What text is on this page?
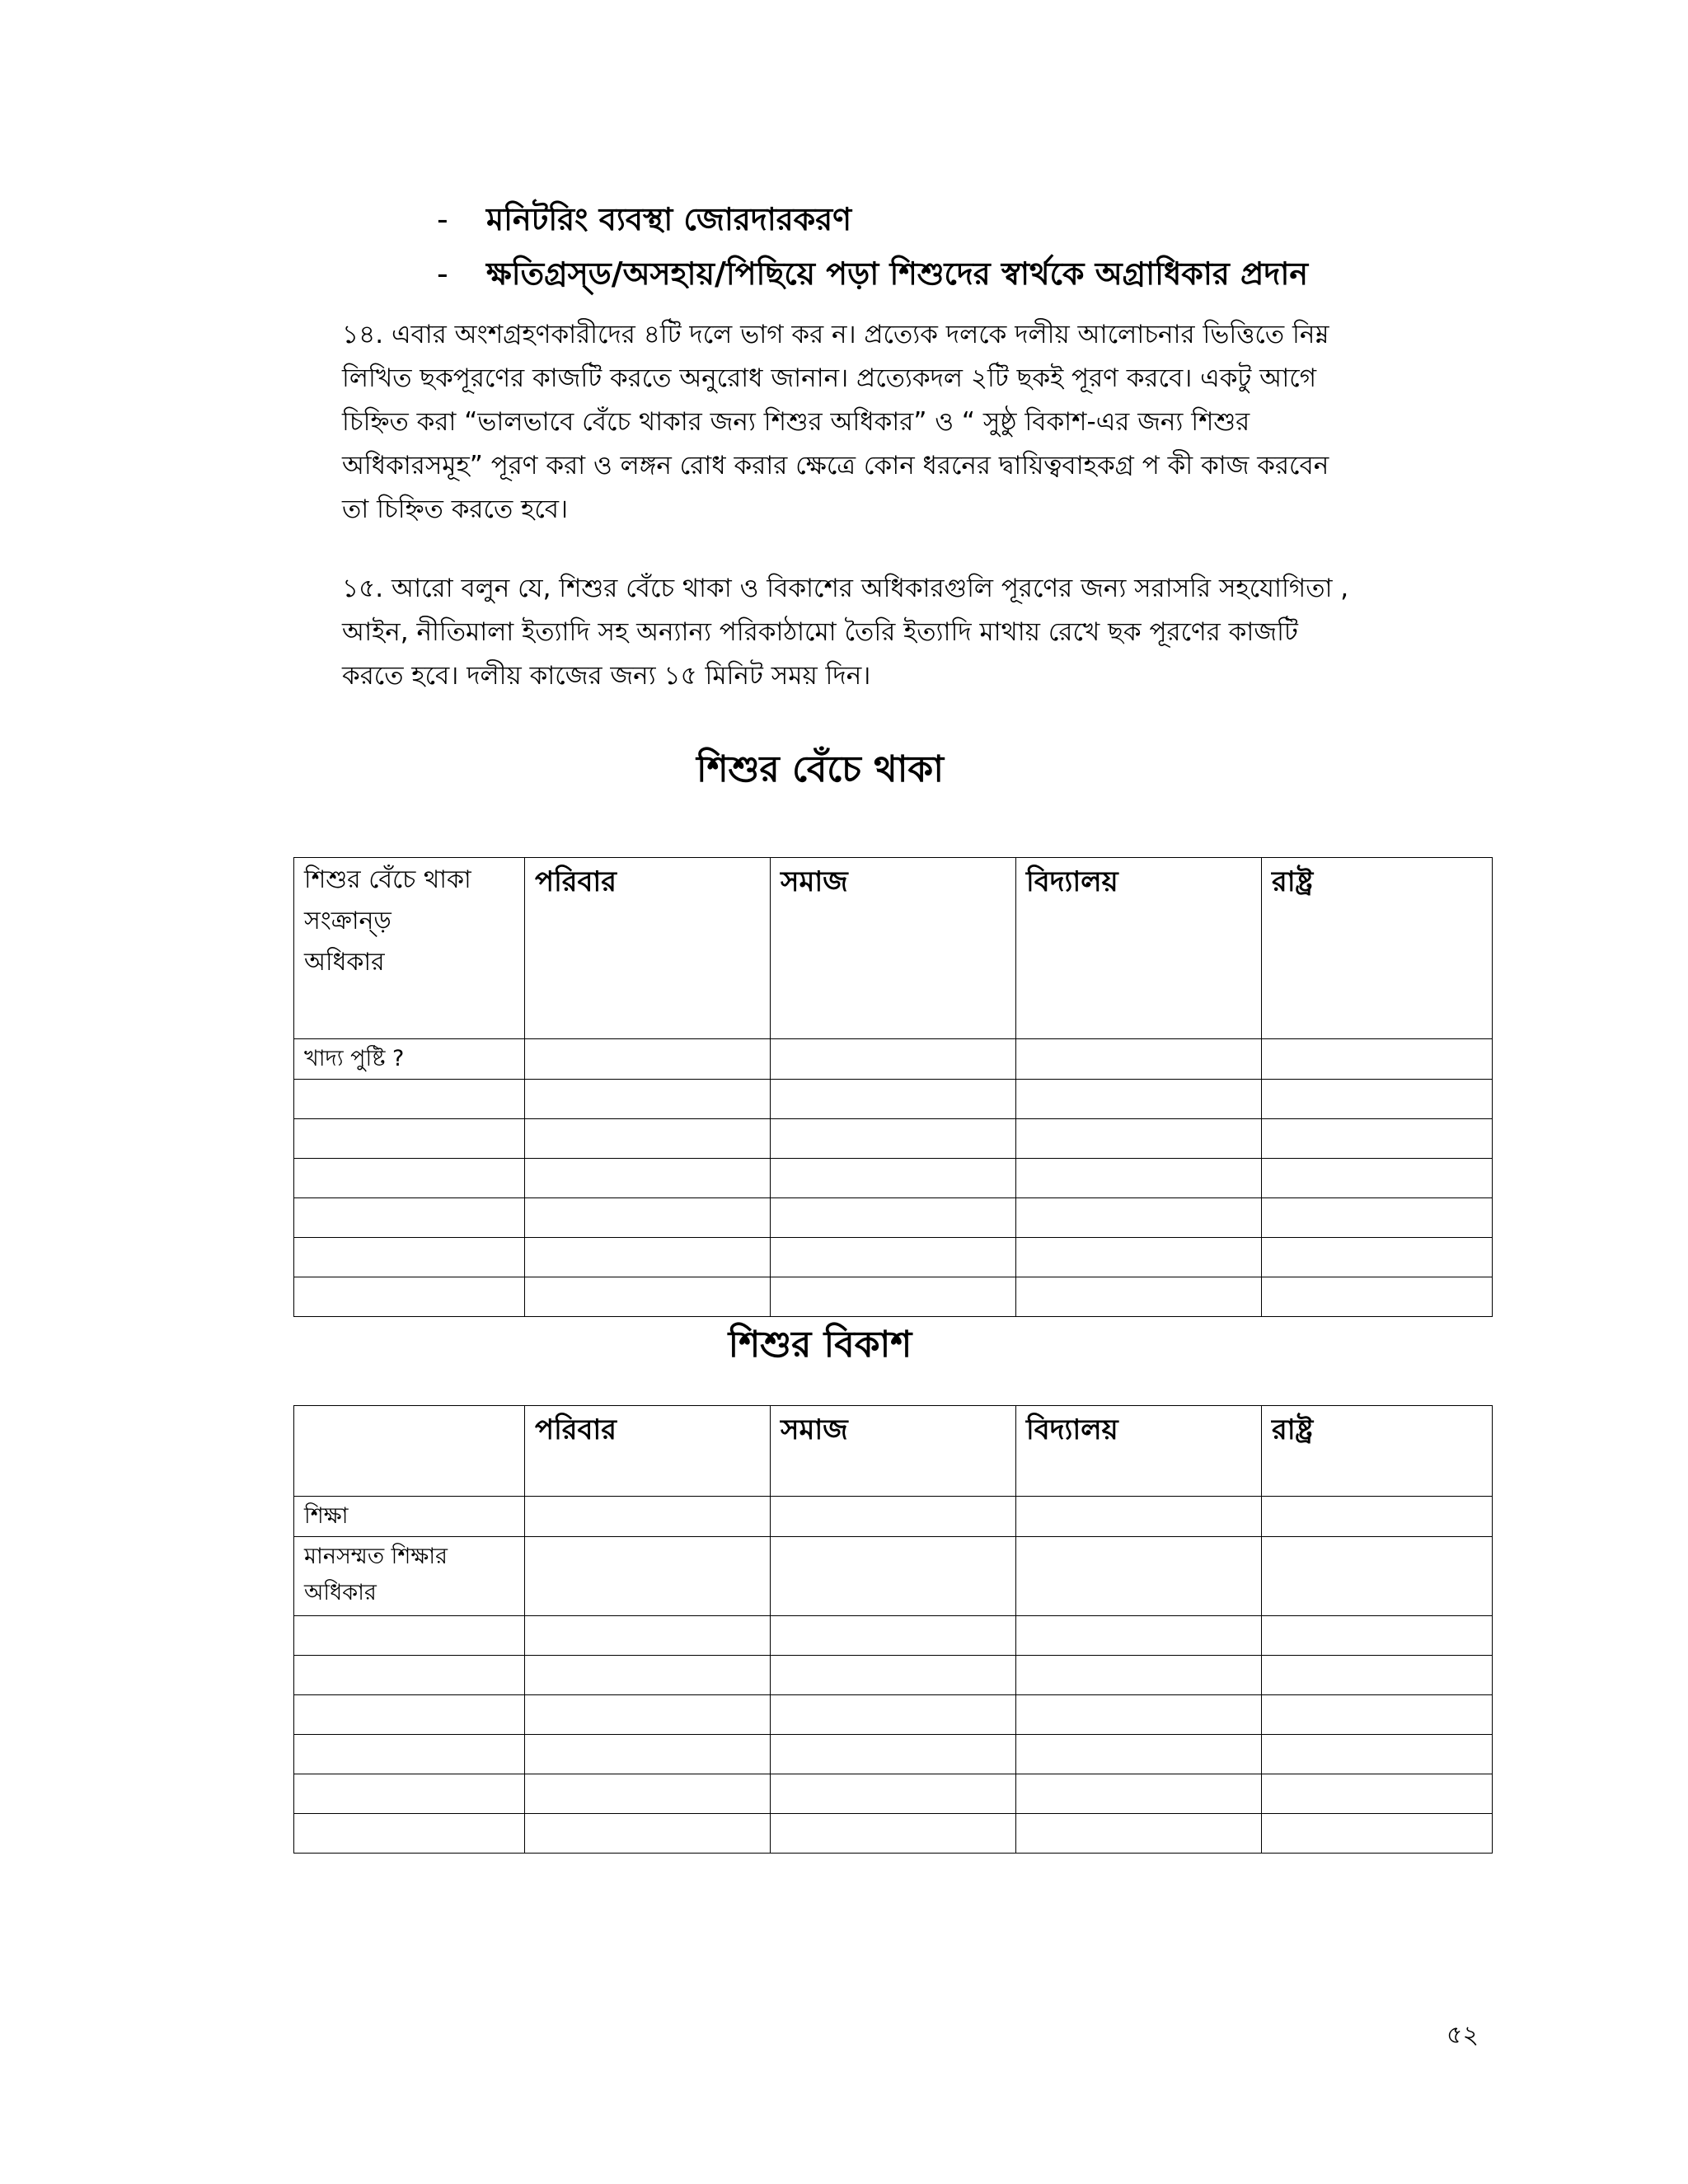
-	মনিটরিং ব্যবস্থা জোরদারকরণ
-	ক্ষতিগ্রস্ড/অসহায়/পিছিয়ে পড়া শিশুদের স্বার্থকে অগ্রাধিকার প্রদান
১৪. এবার অংশগ্রহণকারীদের ৪টি দলে ভাগ কর ন। প্রত্যেক দলকে দলীয় আলোচনার ভিত্তিতে নিম্ন
লিখিত ছকপূরণের কাজটি করতে অনুরোধ জানান। প্রত্যেকদল ২টি ছকই পূরণ করবে। একটু আগে
চিহ্নিত করা “ভালভাবে বেঁচে থাকার জন্য শিশুর অধিকার” ও “ সুষ্ঠু বিকাশ-এর জন্য শিশুর
অধিকারসমূহ” পূরণ করা ও লঙ্গন রোধ করার ক্ষেত্রে কোন ধরনের দ্বায়িত্ববাহকগ্র প কী কাজ করবেন
তা চিহ্নিত করতে হবে।
১৫. আরো বলুন যে, শিশুর বেঁচে থাকা ও বিকাশের অধিকারগুলি পূরণের জন্য সরাসরি সহযোগিতা ,
আইন, নীতিমালা ইত্যাদি সহ অন্যান্য পরিকাঠামো তৈরি ইত্যাদি মাথায় রেখে ছক পূরণের কাজটি
করতে হবে। দলীয় কাজের জন্য ১৫ মিনিট সময় দিন।
শিশুর বেঁচে থাকা
শিশুর বেঁচে থাকা
সংক্রান্ড়
অধিকার	পরিবার	সমাজ	বিদ্যালয়	রাষ্ট্র
খাদ্য পুষ্টি ?				

শিশুর বিকাশ
	পরিবার	সমাজ	বিদ্যালয়	রাষ্ট্র
শিক্ষা				
মানসম্মত শিক্ষার অধিকার				

৫২
